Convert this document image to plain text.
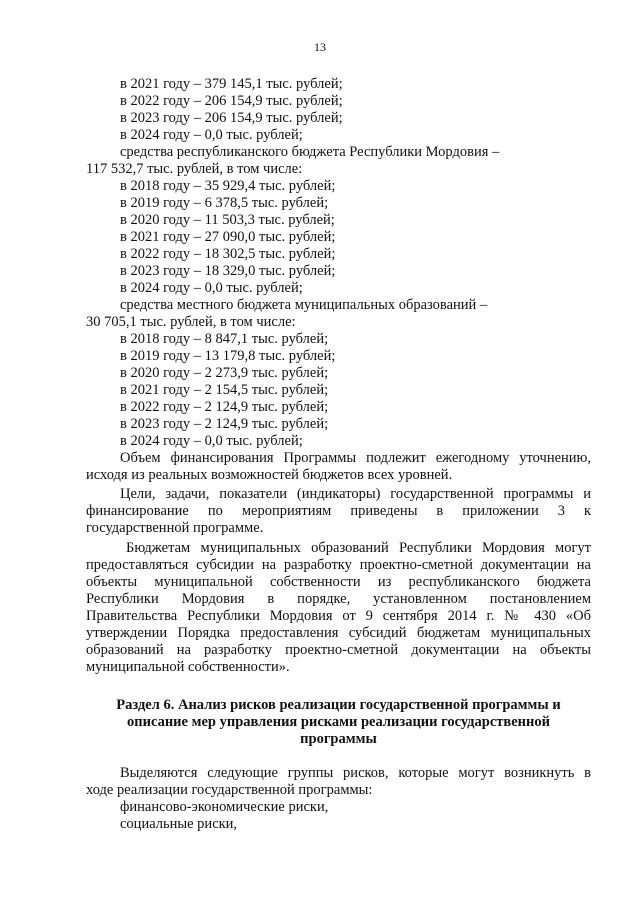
13
в 2021 году – 379 145,1 тыс. рублей;
в 2022 году – 206 154,9 тыс. рублей;
в 2023 году – 206 154,9 тыс. рублей;
в 2024 году – 0,0 тыс. рублей;
средства республиканского бюджета Республики Мордовия –
117 532,7 тыс. рублей, в том числе:
в 2018 году – 35 929,4 тыс. рублей;
в 2019 году – 6 378,5 тыс. рублей;
в 2020 году – 11 503,3 тыс. рублей;
в 2021 году – 27 090,0 тыс. рублей;
в 2022 году – 18 302,5 тыс. рублей;
в 2023 году – 18 329,0 тыс. рублей;
в 2024 году – 0,0 тыс. рублей;
средства местного бюджета муниципальных образований –
30 705,1 тыс. рублей, в том числе:
в 2018 году – 8 847,1 тыс. рублей;
в 2019 году – 13 179,8 тыс. рублей;
в 2020 году – 2 273,9 тыс. рублей;
в 2021 году – 2 154,5 тыс. рублей;
в 2022 году – 2 124,9 тыс. рублей;
в 2023 году – 2 124,9 тыс. рублей;
в 2024 году – 0,0 тыс. рублей;
Объем финансирования Программы подлежит ежегодному уточнению,
исходя из реальных возможностей бюджетов всех уровней.
Цели, задачи, показатели (индикаторы) государственной программы и
финансирование по мероприятиям приведены в приложении 3 к
государственной программе.
Бюджетам муниципальных образований Республики Мордовия могут
предоставляться субсидии на разработку проектно-сметной документации на
объекты муниципальной собственности из республиканского бюджета
Республики Мордовия в порядке, установленном постановлением
Правительства Республики Мордовия от 9 сентября 2014 г. № 430 «Об
утверждении Порядка предоставления субсидий бюджетам муниципальных
образований на разработку проектно-сметной документации на объекты
муниципальной собственности».
Раздел 6. Анализ рисков реализации государственной программы и
описание мер управления рисками реализации государственной
программы
Выделяются следующие группы рисков, которые могут возникнуть в
ходе реализации государственной программы:
финансово-экономические риски,
социальные риски,
